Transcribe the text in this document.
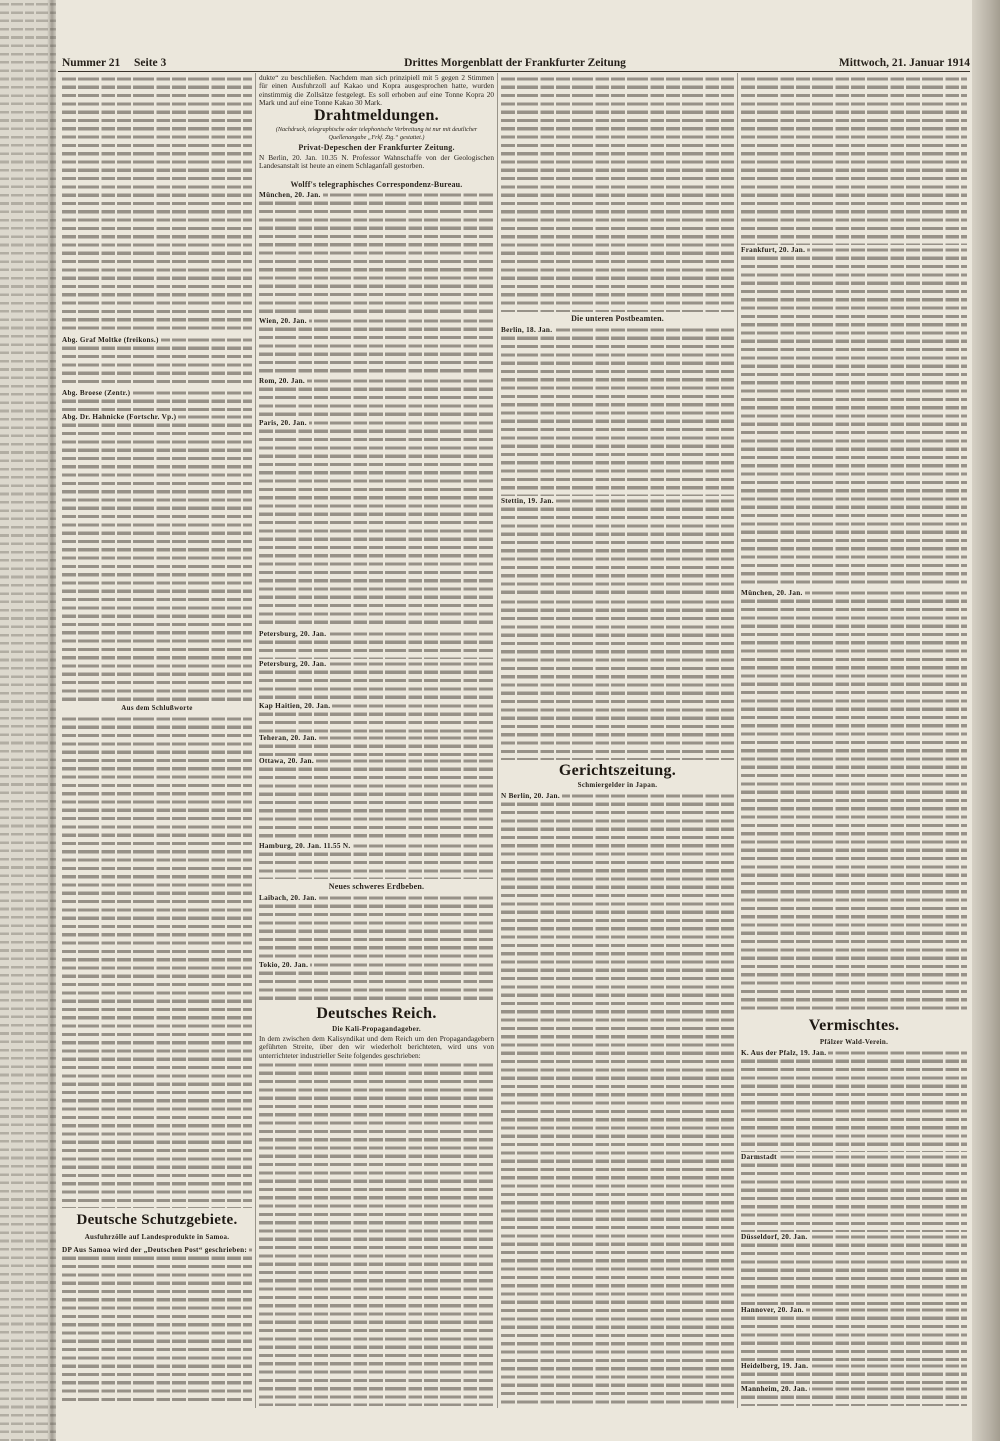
Drittes Morgenblatt der Frankfurter Zeitung
Nummer 21 Seite 3	Mittwoch, 21. Januar 1914
Abg. Graf Moltke (freikons.)
Abg. Broese (Zentr.)
Abg. Dr. Hahnicke (Fortschr. Vp.)
Aus dem Schlußworte
Deutsche Schutzgebiete.
Ausfuhrzölle auf Landesprodukte in Samoa.
DP Aus Samoa wird der „Deutschen Post“ geschrieben:
dukte“ zu beschließen. Nachdem man sich prinzipiell mit 5 gegen 2 Stimmen für einen Ausfuhrzoll auf Kakao und Kopra ausgesprochen hatte, wurden einstimmig die Zollsätze festgelegt. Es soll erhoben auf eine Tonne Kopra 20 Mark und auf eine Tonne Kakao 30 Mark.
Drahtmeldungen.
(Nachdruck, telegraphische oder telephonische Verbreitung ist nur mit deutlicher Quellenangabe „Frkf. Ztg.“ gestattet.)
Privat-Depeschen der Frankfurter Zeitung.
N Berlin, 20. Jan. 10.35 N. Professor Wahnschaffe von der Geologischen Landesanstalt ist heute an einem Schlaganfall gestorben.
Wolff's telegraphisches Correspondenz-Bureau.
München, 20. Jan.
Wien, 20. Jan.
Rom, 20. Jan.
Paris, 20. Jan.
Petersburg, 20. Jan.
Petersburg, 20. Jan.
Kap Haitien, 20. Jan.
Teheran, 20. Jan.
Ottawa, 20. Jan.
Hamburg, 20. Jan. 11.55 N.
Neues schweres Erdbeben.
Laibach, 20. Jan.
Tokio, 20. Jan.
Deutsches Reich.
Die Kali-Propagandageber.
In dem zwischen dem Kalisyndikat und dem Reich um den Propagandagebern geführten Streite, über den wir wiederholt berichteten, wird uns von unterrichteter industrieller Seite folgendes geschrieben:
Die unteren Postbeamten.
Berlin, 18. Jan.
Stettin, 19. Jan.
Gerichtszeitung.
Schmiergelder in Japan.
N Berlin, 20. Jan.
Frankfurt, 20. Jan.
München, 20. Jan.
Vermischtes.
Pfälzer Wald-Verein.
K. Aus der Pfalz, 19. Jan.
Darmstadt
Düsseldorf, 20. Jan.
Hannover, 20. Jan.
Heidelberg, 19. Jan.
Mannheim, 20. Jan.
